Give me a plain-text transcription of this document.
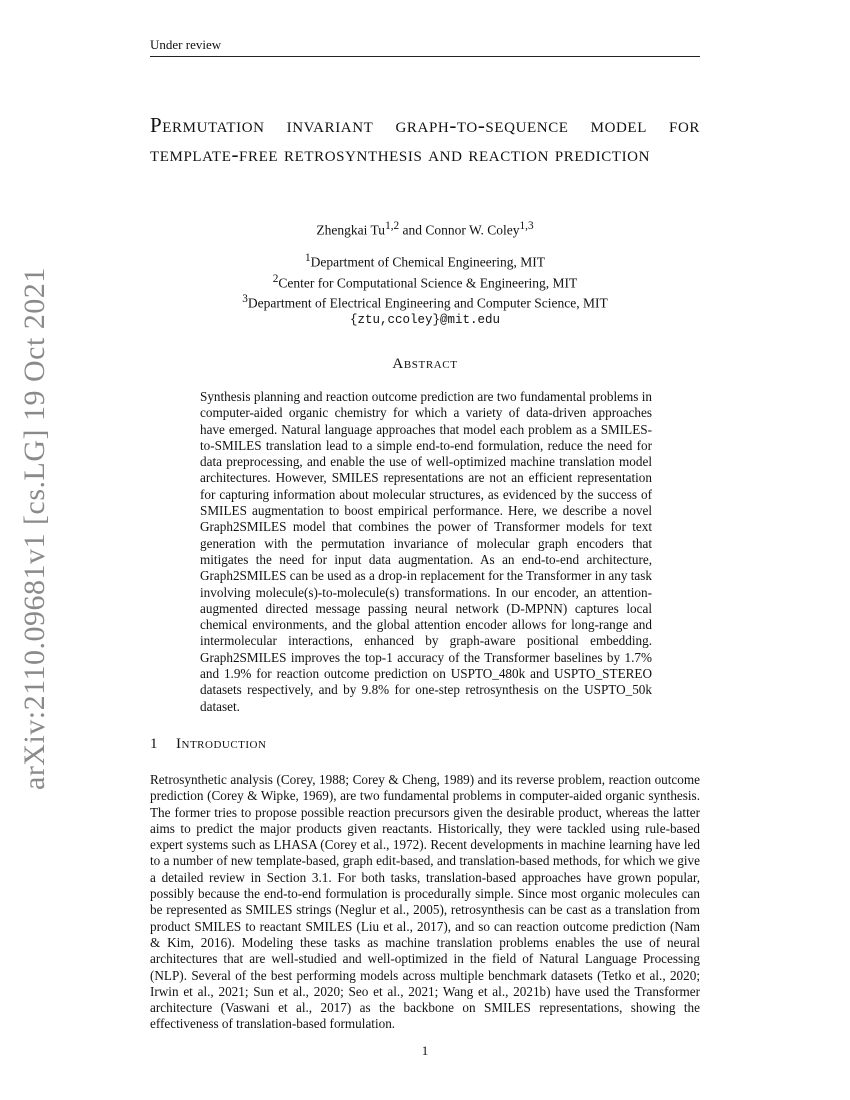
Under review
arXiv:2110.09681v1 [cs.LG] 19 Oct 2021
Permutation invariant graph-to-sequence model for template-free retrosynthesis and reaction prediction
Zhengkai Tu$^{1,2}$ and Connor W. Coley$^{1,3}$
$^1$Department of Chemical Engineering, MIT
$^2$Center for Computational Science & Engineering, MIT
$^3$Department of Electrical Engineering and Computer Science, MIT
{ztu,ccoley}@mit.edu
Abstract
Synthesis planning and reaction outcome prediction are two fundamental problems in computer-aided organic chemistry for which a variety of data-driven approaches have emerged. Natural language approaches that model each problem as a SMILES-to-SMILES translation lead to a simple end-to-end formulation, reduce the need for data preprocessing, and enable the use of well-optimized machine translation model architectures. However, SMILES representations are not an efficient representation for capturing information about molecular structures, as evidenced by the success of SMILES augmentation to boost empirical performance. Here, we describe a novel Graph2SMILES model that combines the power of Transformer models for text generation with the permutation invariance of molecular graph encoders that mitigates the need for input data augmentation. As an end-to-end architecture, Graph2SMILES can be used as a drop-in replacement for the Transformer in any task involving molecule(s)-to-molecule(s) transformations. In our encoder, an attention-augmented directed message passing neural network (D-MPNN) captures local chemical environments, and the global attention encoder allows for long-range and intermolecular interactions, enhanced by graph-aware positional embedding. Graph2SMILES improves the top-1 accuracy of the Transformer baselines by 1.7% and 1.9% for reaction outcome prediction on USPTO_480k and USPTO_STEREO datasets respectively, and by 9.8% for one-step retrosynthesis on the USPTO_50k dataset.
1 Introduction
Retrosynthetic analysis (Corey, 1988; Corey & Cheng, 1989) and its reverse problem, reaction outcome prediction (Corey & Wipke, 1969), are two fundamental problems in computer-aided organic synthesis. The former tries to propose possible reaction precursors given the desirable product, whereas the latter aims to predict the major products given reactants. Historically, they were tackled using rule-based expert systems such as LHASA (Corey et al., 1972). Recent developments in machine learning have led to a number of new template-based, graph edit-based, and translation-based methods, for which we give a detailed review in Section 3.1. For both tasks, translation-based approaches have grown popular, possibly because the end-to-end formulation is procedurally simple. Since most organic molecules can be represented as SMILES strings (Neglur et al., 2005), retrosynthesis can be cast as a translation from product SMILES to reactant SMILES (Liu et al., 2017), and so can reaction outcome prediction (Nam & Kim, 2016). Modeling these tasks as machine translation problems enables the use of neural architectures that are well-studied and well-optimized in the field of Natural Language Processing (NLP). Several of the best performing models across multiple benchmark datasets (Tetko et al., 2020; Irwin et al., 2021; Sun et al., 2020; Seo et al., 2021; Wang et al., 2021b) have used the Transformer architecture (Vaswani et al., 2017) as the backbone on SMILES representations, showing the effectiveness of translation-based formulation.
1
